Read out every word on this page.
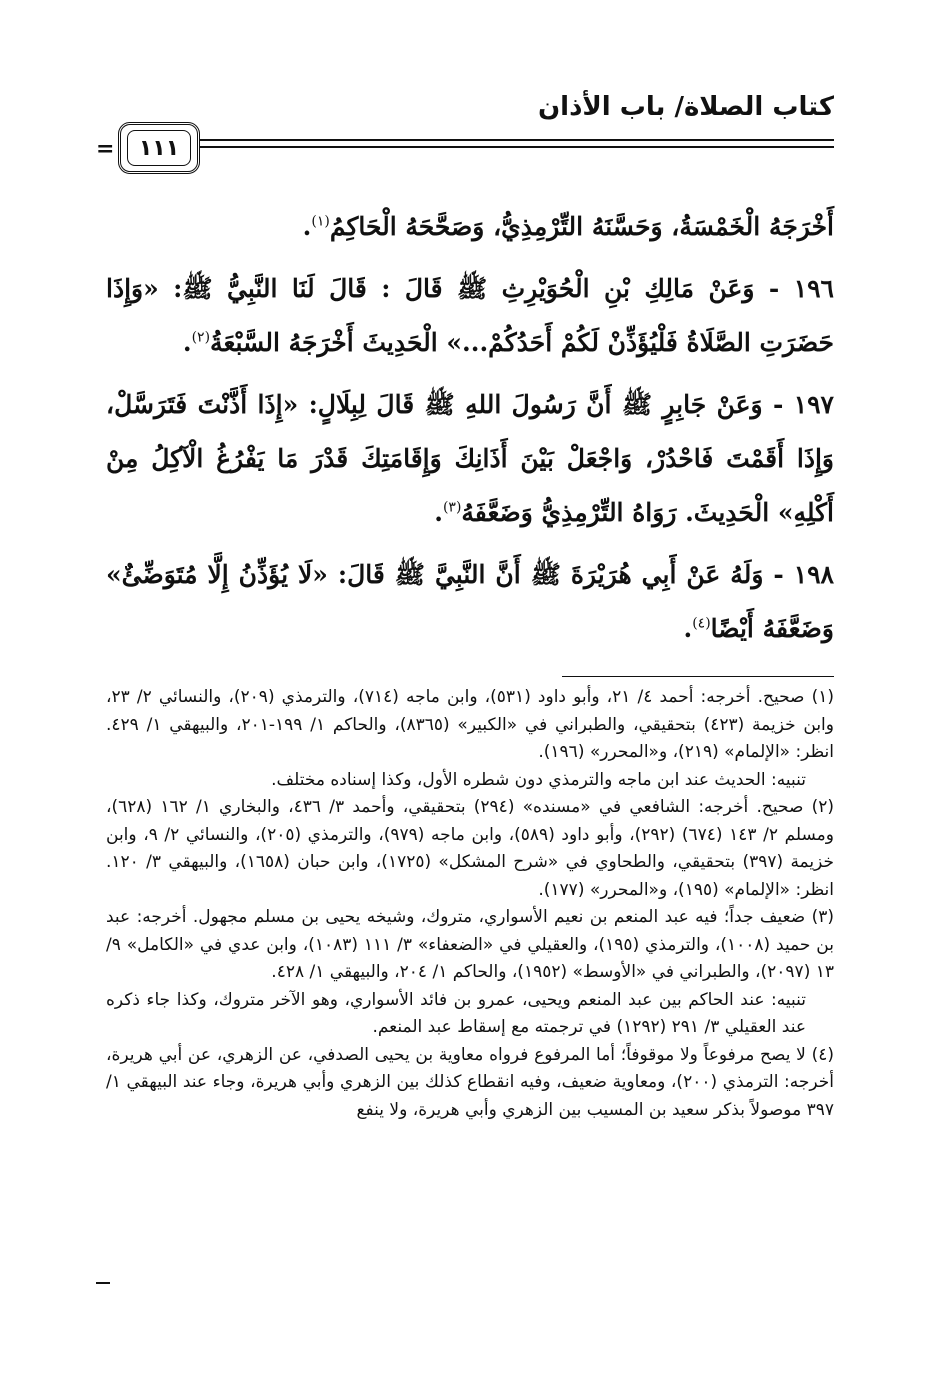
كتاب الصلاة/ باب الأذان
١١١
=

أَخْرَجَهُ الْخَمْسَةُ، وَحَسَّنَهُ التِّرْمِذِيُّ، وَصَحَّحَهُ الْحَاكِمُ$^{(١)}$.

١٩٦ - وَعَنْ مَالِكِ بْنِ الْحُوَيْرِثِ ﷺ قَالَ : قَالَ لَنَا النَّبِيُّ ﷺ: «وَإِذَا حَضَرَتِ الصَّلَاةُ فَلْيُؤَذِّنْ لَكُمْ أَحَدُكُمْ...» الْحَدِيثَ أَخْرَجَهُ السَّبْعَةُ$^{(٢)}$.

١٩٧ - وَعَنْ جَابِرٍ ﷺ أَنَّ رَسُولَ اللهِ ﷺ قَالَ لِبِلَالٍ: «إِذَا أَذَّنْتَ فَتَرَسَّلْ، وَإِذَا أَقَمْتَ فَاحْدُرْ، وَاجْعَلْ بَيْنَ أَذَانِكَ وَإِقَامَتِكَ قَدْرَ مَا يَفْرُغُ الْآكِلُ مِنْ أَكْلِهِ» الْحَدِيثَ. رَوَاهُ التِّرْمِذِيُّ وَضَعَّفَهُ$^{(٣)}$.

١٩٨ - وَلَهُ عَنْ أَبِي هُرَيْرَةَ ﷺ أَنَّ النَّبِيَّ ﷺ قَالَ: «لَا يُؤَذِّنُ إِلَّا مُتَوَضِّئٌ» وَضَعَّفَهُ أَيْضًا$^{(٤)}$.

(١) صحيح. أخرجه: أحمد ٤/ ٢١، وأبو داود (٥٣١)، وابن ماجه (٧١٤)، والترمذي (٢٠٩)، والنسائي ٢/ ٢٣، وابن خزيمة (٤٢٣) بتحقيقي، والطبراني في «الكبير» (٨٣٦٥)، والحاكم ١/ ١٩٩-٢٠١، والبيهقي ١/ ٤٢٩. انظر: «الإلمام» (٢١٩)، و«المحرر» (١٩٦).

تنبيه: الحديث عند ابن ماجه والترمذي دون شطره الأول، وكذا إسناده مختلف.

(٢) صحيح. أخرجه: الشافعي في «مسنده» (٢٩٤) بتحقيقي، وأحمد ٣/ ٤٣٦، والبخاري ١/ ١٦٢ (٦٢٨)، ومسلم ٢/ ١٤٣ (٦٧٤) (٢٩٢)، وأبو داود (٥٨٩)، وابن ماجه (٩٧٩)، والترمذي (٢٠٥)، والنسائي ٢/ ٩، وابن خزيمة (٣٩٧) بتحقيقي، والطحاوي في «شرح المشكل» (١٧٢٥)، وابن حبان (١٦٥٨)، والبيهقي ٣/ ١٢٠. انظر: «الإلمام» (١٩٥)، و«المحرر» (١٧٧).

(٣) ضعيف جداً؛ فيه عبد المنعم بن نعيم الأسواري، متروك، وشيخه يحيى بن مسلم مجهول. أخرجه: عبد بن حميد (١٠٠٨)، والترمذي (١٩٥)، والعقيلي في «الضعفاء» ٣/ ١١١ (١٠٨٣)، وابن عدي في «الكامل» ٩/ ١٣ (٢٠٩٧)، والطبراني في «الأوسط» (١٩٥٢)، والحاكم ١/ ٢٠٤، والبيهقي ١/ ٤٢٨.

تنبيه: عند الحاكم بين عبد المنعم ويحيى، عمرو بن فائد الأسواري، وهو الآخر متروك، وكذا جاء ذكره عند العقيلي ٣/ ٢٩١ (١٢٩٢) في ترجمته مع إسقاط عبد المنعم.

(٤) لا يصح مرفوعاً ولا موقوفاً؛ أما المرفوع فرواه معاوية بن يحيى الصدفي، عن الزهري، عن أبي هريرة، أخرجه: الترمذي (٢٠٠)، ومعاوية ضعيف، وفيه انقطاع كذلك بين الزهري وأبي هريرة، وجاء عند البيهقي ١/ ٣٩٧ موصولاً بذكر سعيد بن المسيب بين الزهري وأبي هريرة، ولا ينفع
